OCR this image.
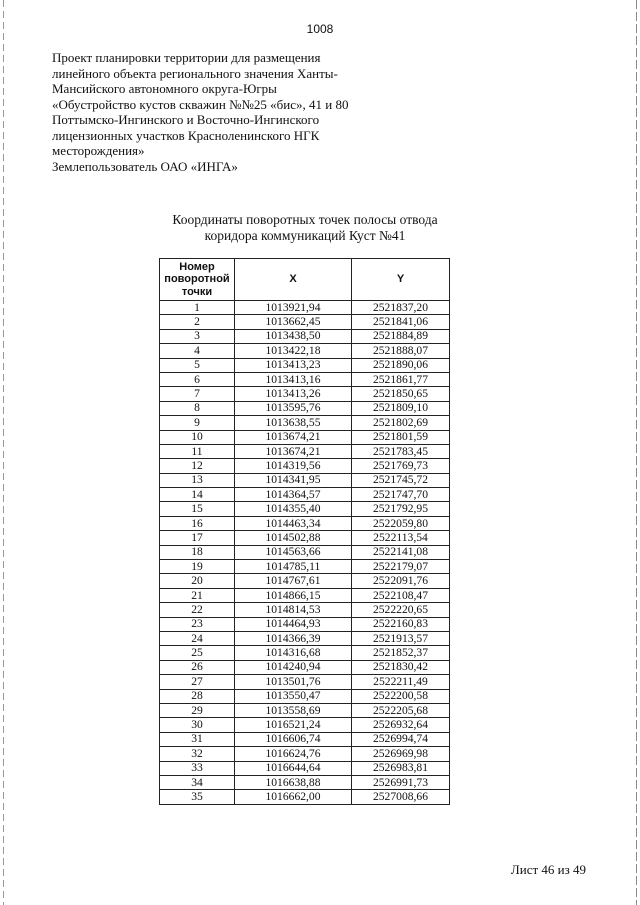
1008
Проект планировки территории для размещения
линейного объекта регионального значения Ханты-
Мансийского автономного округа-Югры
«Обустройство кустов скважин №№25 «бис», 41 и 80
Поттымско-Ингинского и Восточно-Ингинского
лицензионных участков Красноленинского НГК
месторождения»
Землепользователь ОАО «ИНГА»
Координаты поворотных точек полосы отвода
коридора коммуникаций Куст №41
Номер
поворотной
точки	X	Y
1	1013921,94	2521837,20
2	1013662,45	2521841,06
3	1013438,50	2521884,89
4	1013422,18	2521888,07
5	1013413,23	2521890,06
6	1013413,16	2521861,77
7	1013413,26	2521850,65
8	1013595,76	2521809,10
9	1013638,55	2521802,69
10	1013674,21	2521801,59
11	1013674,21	2521783,45
12	1014319,56	2521769,73
13	1014341,95	2521745,72
14	1014364,57	2521747,70
15	1014355,40	2521792,95
16	1014463,34	2522059,80
17	1014502,88	2522113,54
18	1014563,66	2522141,08
19	1014785,11	2522179,07
20	1014767,61	2522091,76
21	1014866,15	2522108,47
22	1014814,53	2522220,65
23	1014464,93	2522160,83
24	1014366,39	2521913,57
25	1014316,68	2521852,37
26	1014240,94	2521830,42
27	1013501,76	2522211,49
28	1013550,47	2522200,58
29	1013558,69	2522205,68
30	1016521,24	2526932,64
31	1016606,74	2526994,74
32	1016624,76	2526969,98
33	1016644,64	2526983,81
34	1016638,88	2526991,73
35	1016662,00	2527008,66
Лист 46 из 49
